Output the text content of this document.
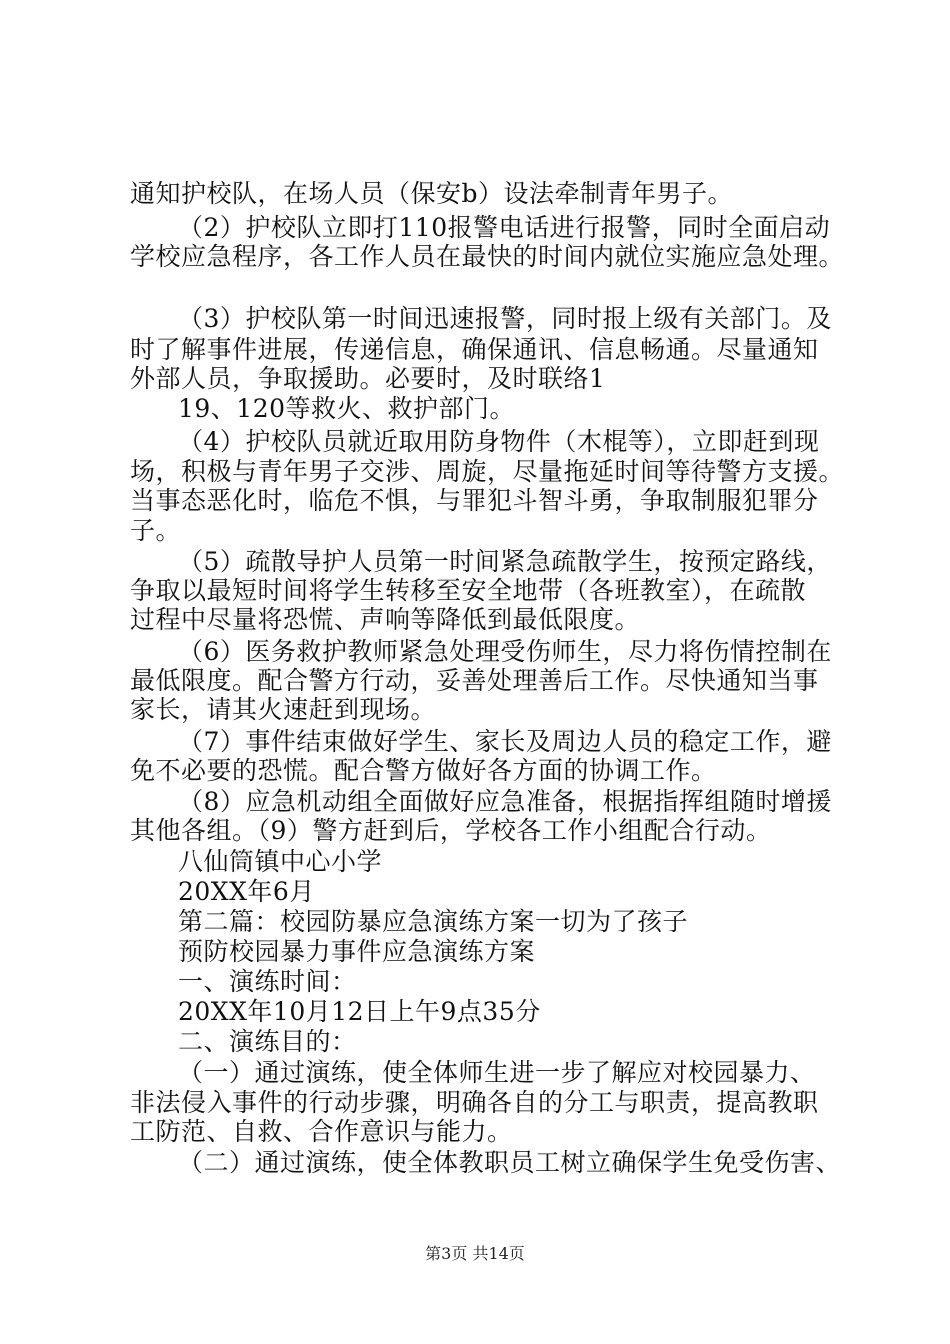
通知护校队，在场人员（保安b）设法牵制青年男子。
（2）护校队立即打110报警电话进行报警，同时全面启动
学校应急程序，各工作人员在最快的时间内就位实施应急处理。
（3）护校队第一时间迅速报警，同时报上级有关部门。及
时了解事件进展，传递信息，确保通讯、信息畅通。尽量通知
外部人员，争取援助。必要时，及时联络1
19、120等救火、救护部门。
（4）护校队员就近取用防身物件（木棍等），立即赶到现
场，积极与青年男子交涉、周旋，尽量拖延时间等待警方支援。
当事态恶化时，临危不惧，与罪犯斗智斗勇，争取制服犯罪分
子。
（5）疏散导护人员第一时间紧急疏散学生，按预定路线，
争取以最短时间将学生转移至安全地带（各班教室），在疏散
过程中尽量将恐慌、声响等降低到最低限度。
（6）医务救护教师紧急处理受伤师生，尽力将伤情控制在
最低限度。配合警方行动，妥善处理善后工作。尽快通知当事
家长，请其火速赶到现场。
（7）事件结束做好学生、家长及周边人员的稳定工作，避
免不必要的恐慌。配合警方做好各方面的协调工作。
（8）应急机动组全面做好应急准备，根据指挥组随时增援
其他各组。（9）警方赶到后，学校各工作小组配合行动。
八仙筒镇中心小学
20XX年6月
第二篇：校园防暴应急演练方案一切为了孩子
预防校园暴力事件应急演练方案
一、演练时间：
20XX年10月12日上午9点35分
二、演练目的：
（一）通过演练，使全体师生进一步了解应对校园暴力、
非法侵入事件的行动步骤，明确各自的分工与职责，提高教职
工防范、自救、合作意识与能力。
（二）通过演练，使全体教职员工树立确保学生免受伤害、
第3页 共14页
